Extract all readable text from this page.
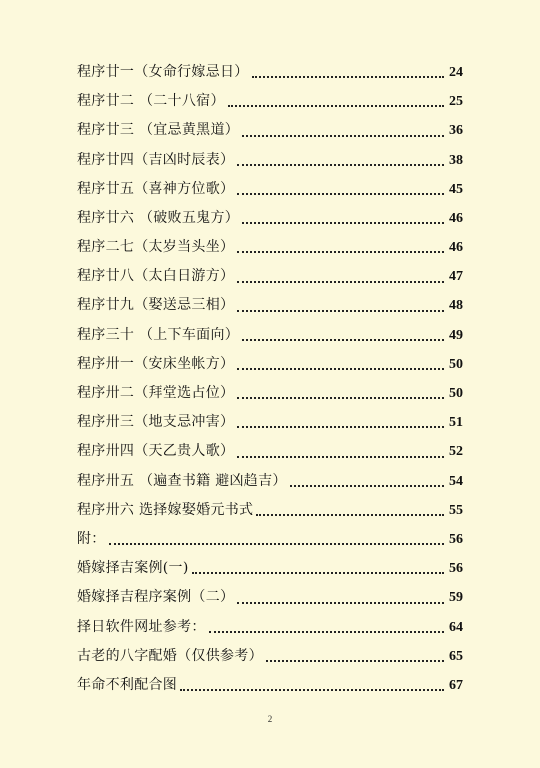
程序廿一（女命行嫁忌日）	24
程序廿二 （二十八宿）	25
程序廿三 （宜忌黄黑道）	36
程序廿四（吉凶时辰表）	38
程序廿五（喜神方位歌）	45
程序廿六 （破败五鬼方）	46
程序二七（太岁当头坐）	46
程序廿八（太白日游方）	47
程序廿九（娶送忌三相）	48
程序三十 （上下车面向）	49
程序卅一（安床坐帐方）	50
程序卅二（拜堂选占位）	50
程序卅三（地支忌冲害）	51
程序卅四（天乙贵人歌）	52
程序卅五 （遍查书籍 避凶趋吉）	54
程序卅六 选择嫁娶婚元书式	55
附：	56
婚嫁择吉案例(一)	56
婚嫁择吉程序案例（二）	59
择日软件网址参考：	64
古老的八字配婚（仅供参考）	65
年命不利配合图	67
2
